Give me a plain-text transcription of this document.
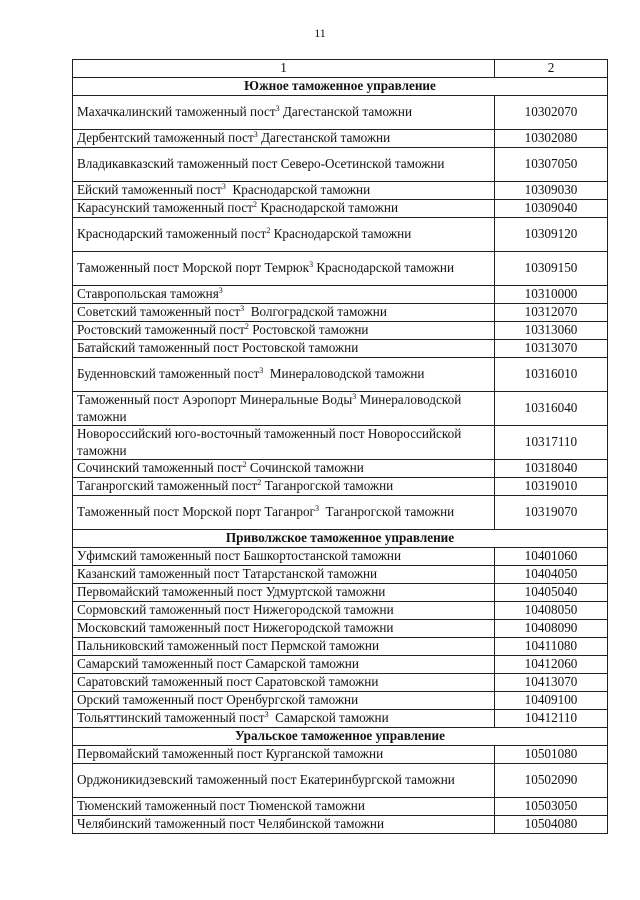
11
1	2
Южное таможенное управление	
Махачкалинский таможенный пост$^3$ Дагестанской таможни	10302070
Дербентский таможенный пост$^3$ Дагестанской таможни	10302080
Владикавказский таможенный пост Северо-Осетинской таможни	10307050
Ейский таможенный пост$^3$  Краснодарской таможни	10309030
Карасунский таможенный пост$^2$ Краснодарской таможни	10309040
Краснодарский таможенный пост$^2$ Краснодарской таможни	10309120
Таможенный пост Морской порт Темрюк$^3$ Краснодарской таможни	10309150
Ставропольская таможня$^3$	10310000
Советский таможенный пост$^3$  Волгоградской таможни	10312070
Ростовский таможенный пост$^2$ Ростовской таможни	10313060
Батайский таможенный пост Ростовской таможни	10313070
Буденновский таможенный пост$^3$  Минераловодской таможни	10316010
Таможенный пост Аэропорт Минеральные Воды$^3$ Минераловодской таможни	10316040
Новороссийский юго-восточный таможенный пост Новороссийской таможни	10317110
Сочинский таможенный пост$^2$ Сочинской таможни	10318040
Таганрогский таможенный пост$^2$ Таганрогской таможни	10319010
Таможенный пост Морской порт Таганрог$^3$  Таганрогской таможни	10319070
Приволжское таможенное управление	
Уфимский таможенный пост Башкортостанской таможни	10401060
Казанский таможенный пост Татарстанской таможни	10404050
Первомайский таможенный пост Удмуртской таможни	10405040
Сормовский таможенный пост Нижегородской таможни	10408050
Московский таможенный пост Нижегородской таможни	10408090
Пальниковский таможенный пост Пермской таможни	10411080
Самарский таможенный пост Самарской таможни	10412060
Саратовский таможенный пост Саратовской таможни	10413070
Орский таможенный пост Оренбургской таможни	10409100
Тольяттинский таможенный пост$^3$  Самарской таможни	10412110
Уральское таможенное управление	
Первомайский таможенный пост Курганской таможни	10501080
Орджоникидзевский таможенный пост Екатеринбургской таможни	10502090
Тюменский таможенный пост Тюменской таможни	10503050
Челябинский таможенный пост Челябинской таможни	10504080
